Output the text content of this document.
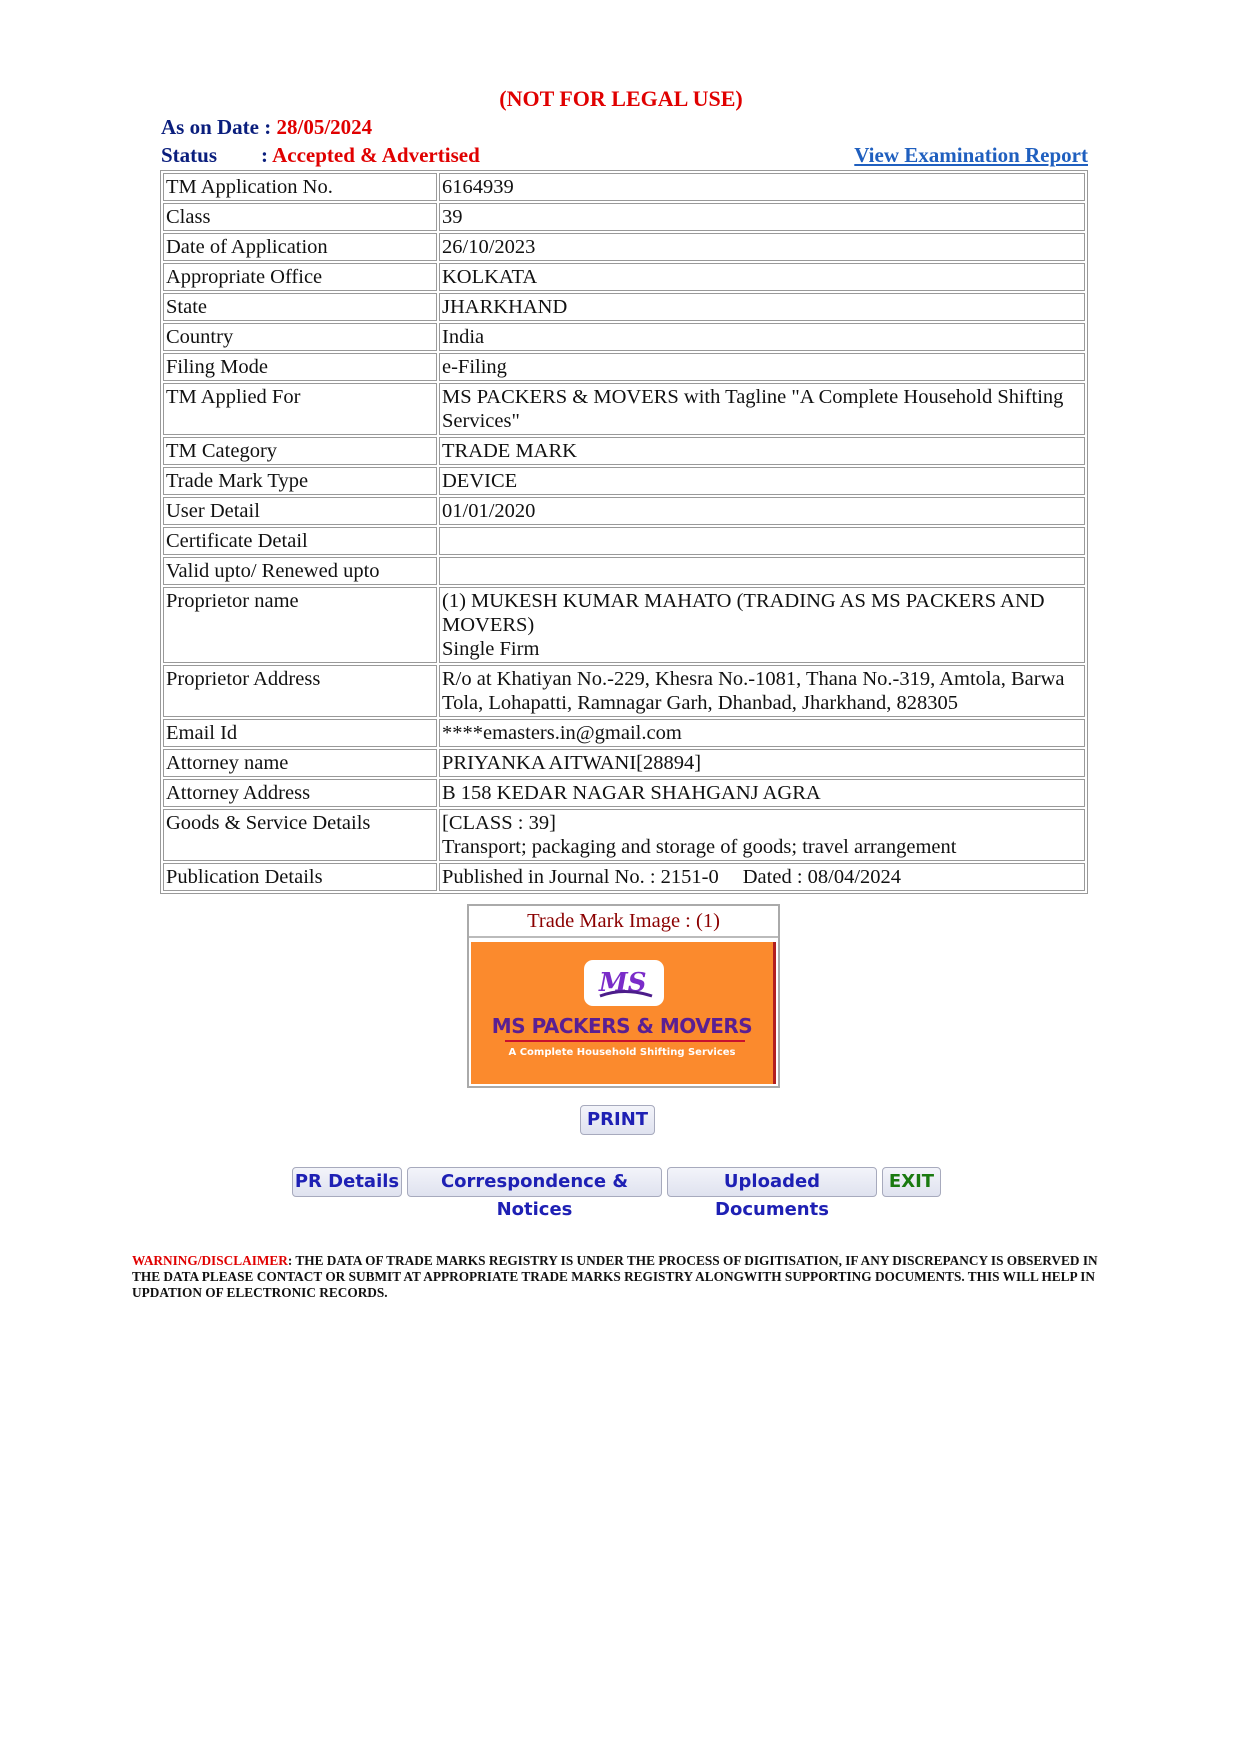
(NOT FOR LEGAL USE)
As on Date : 28/05/2024
Status : Accepted & Advertised	View Examination Report
TM Application No.	6164939
Class	39
Date of Application	26/10/2023
Appropriate Office	KOLKATA
State	JHARKHAND
Country	India
Filing Mode	e-Filing
TM Applied For	MS PACKERS & MOVERS with Tagline "A Complete Household Shifting Services"
TM Category	TRADE MARK
Trade Mark Type	DEVICE
User Detail	01/01/2020
Certificate Detail	
Valid upto/ Renewed upto	
Proprietor name	(1) MUKESH KUMAR MAHATO (TRADING AS MS PACKERS AND MOVERS)
Single Firm
Proprietor Address	R/o at Khatiyan No.-229, Khesra No.-1081, Thana No.-319, Amtola, Barwa Tola, Lohapatti, Ramnagar Garh, Dhanbad, Jharkhand, 828305
Email Id	****emasters.in@gmail.com
Attorney name	PRIYANKA AITWANI[28894]
Attorney Address	B 158 KEDAR NAGAR SHAHGANJ AGRA
Goods & Service Details	[CLASS : 39]
Transport; packaging and storage of goods; travel arrangement
Publication Details	Published in Journal No. : 2151-0 Dated : 08/04/2024
Trade Mark Image : (1)
MS
MS PACKERS & MOVERS
A Complete Household Shifting Services
PRINT
PR Details	Correspondence & Notices
Uploaded Documents
EXIT
WARNING/DISCLAIMER: THE DATA OF TRADE MARKS REGISTRY IS UNDER THE PROCESS OF DIGITISATION, IF ANY DISCREPANCY IS OBSERVED IN THE DATA PLEASE CONTACT OR SUBMIT AT APPROPRIATE TRADE MARKS REGISTRY ALONGWITH SUPPORTING DOCUMENTS. THIS WILL HELP IN UPDATION OF ELECTRONIC RECORDS.
